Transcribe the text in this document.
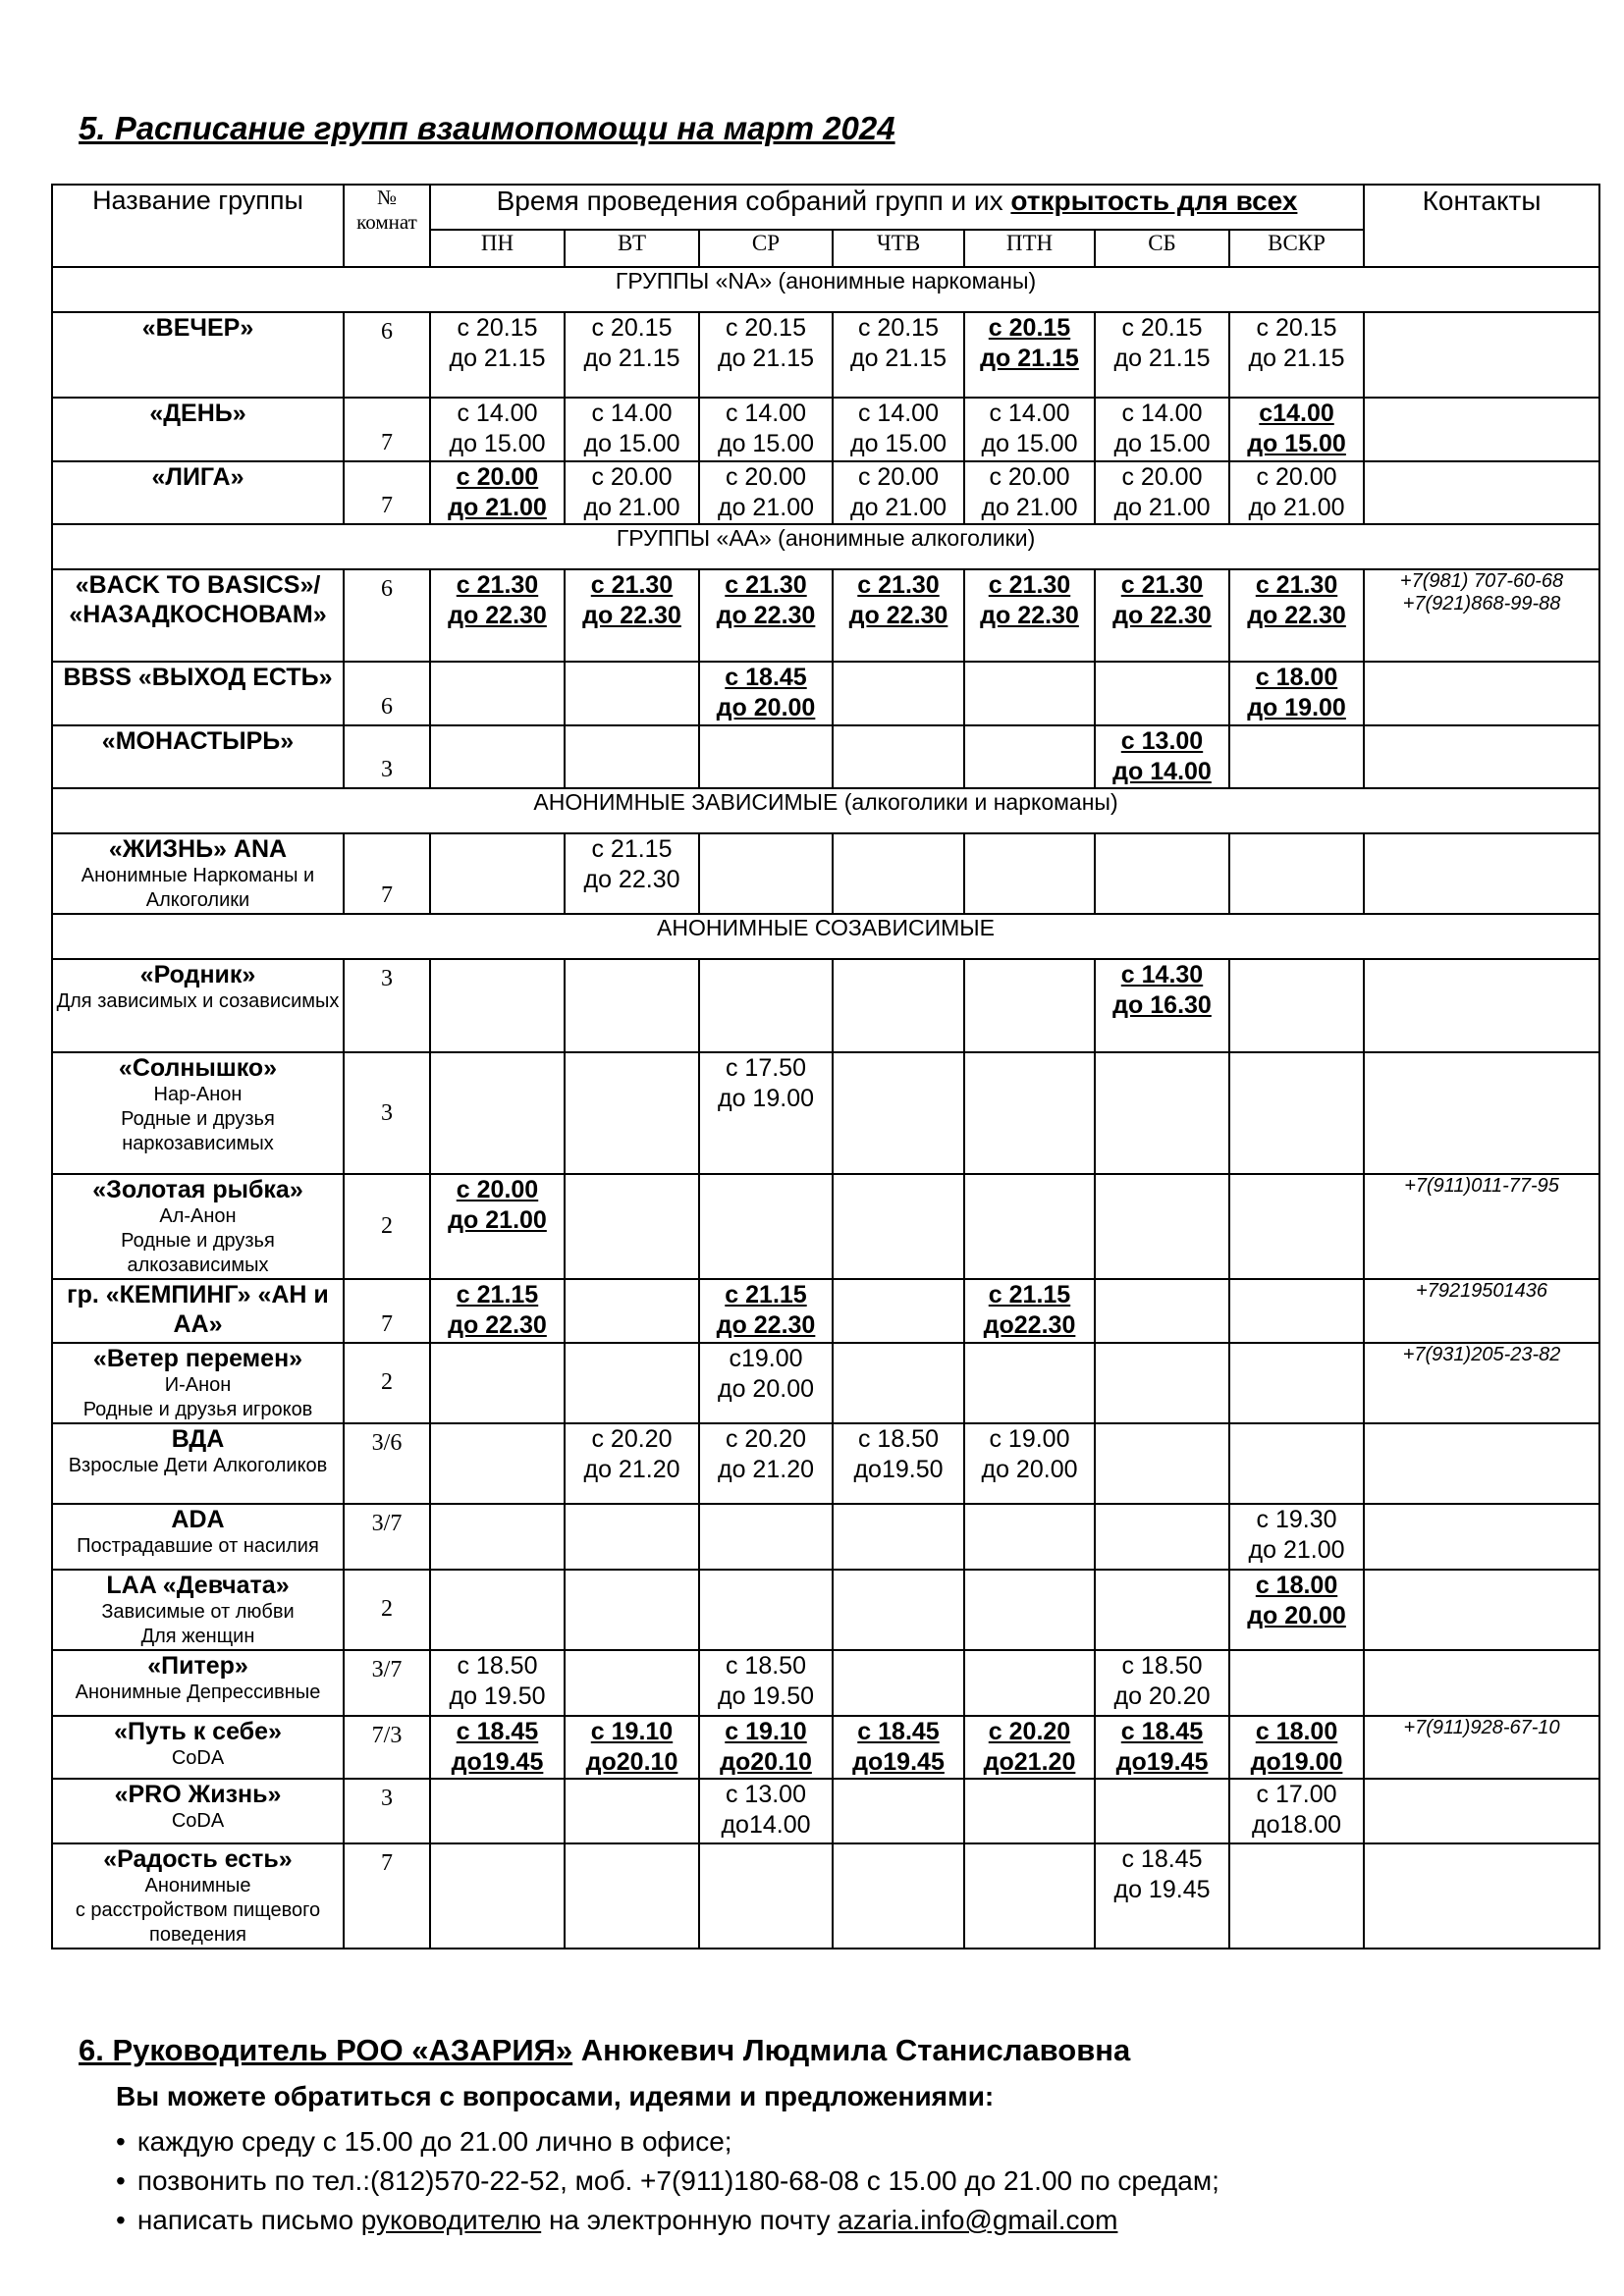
5. Расписание групп взаимопомощи на март 2024
Название группы	№ комнат	Время проведения собраний групп и их открытость для всех							Контакты
		ПН	ВТ	СР	ЧТВ	ПТН	СБ	ВСКР	
ГРУППЫ «NA» (анонимные наркоманы)									

«ВЕЧЕР»	6	с 20.15
до 21.15	с 20.15
до 21.15	с 20.15
до 21.15	с 20.15
до 21.15	с 20.15
до 21.15	с 20.15
до 21.15	с 20.15
до 21.15	

«ДЕНЬ»	7	с 14.00
до 15.00	с 14.00
до 15.00	с 14.00
до 15.00	с 14.00
до 15.00	с 14.00
до 15.00	с 14.00
до 15.00	с14.00
до 15.00	

«ЛИГА»	7	с 20.00
до 21.00	с 20.00
до 21.00	с 20.00
до 21.00	с 20.00
до 21.00	с 20.00
до 21.00	с 20.00
до 21.00	с 20.00
до 21.00	

ГРУППЫ «АА» (анонимные алкоголики)									

«BACK TO BASICS»/ «НАЗАДКОСНОВАМ»	6	с 21.30
до 22.30	с 21.30
до 22.30	с 21.30
до 22.30	с 21.30
до 22.30	с 21.30
до 22.30	с 21.30
до 22.30	с 21.30
до 22.30	+7(981) 707-60-68 +7(921)868-99-88

BBSS «ВЫХОД ЕСТЬ»	6			с 18.45
до 20.00				с 18.00
до 19.00	

«МОНАСТЫРЬ»	3						с 13.00
до 14.00		

АНОНИМНЫЕ ЗАВИСИМЫЕ (алкоголики и наркоманы)									

«ЖИЗНЬ» ANA
Анонимные Наркоманы и Алкоголики	7		с 21.15
до 22.30						

АНОНИМНЫЕ СОЗАВИСИМЫЕ									

«Родник»
Для зависимых и созависимых	3						с 14.30
до 16.30		

«Солнышко»
Нар-Анон
Родные и друзья наркозависимых	3			с 17.50
до 19.00					

«Золотая рыбка»
Ал-Анон
Родные и друзья алкозависимых	2	с 20.00
до 21.00							+7(911)011-77-95

гр. «КЕМПИНГ» «АН и АА»	7	с 21.15
до 22.30		с 21.15
до 22.30		с 21.15
до22.30			+79219501436

«Ветер перемен»
И-Анон
Родные и друзья игроков	2			с19.00
до 20.00					+7(931)205-23-82

ВДА
Взрослые Дети Алкоголиков	3/6		с 20.20
до 21.20	с 20.20
до 21.20	с 18.50
до19.50	с 19.00
до 20.00			

ADA
Пострадавшие от насилия	3/7							с 19.30
до 21.00	

LAA «Девчата»
Зависимые от любви
Для женщин	2							с 18.00
до 20.00	

«Питер»
Анонимные Депрессивные	3/7	с 18.50
до 19.50		с 18.50
до 19.50			с 18.50
до 20.20		

«Путь к себе»
CoDA	7/3	с 18.45
до19.45	с 19.10
до20.10	с 19.10
до20.10	с 18.45
до19.45	с 20.20
до21.20	с 18.45
до19.45	с 18.00
до19.00	+7(911)928-67-10

«PRO Жизнь»
CoDA	3			с 13.00
до14.00				с 17.00
до18.00	

«Радость есть»
Анонимные
с расстройством пищевого поведения	7						с 18.45
до 19.45		

6. Руководитель РОО «АЗАРИЯ» Анюкевич Людмила Станиславовна

Вы можете обратиться с вопросами, идеями и предложениями:

• каждую среду с 15.00 до 21.00 лично в офисе;
• позвонить по тел.:(812)570-22-52, моб. +7(911)180-68-08 с 15.00 до 21.00 по средам;
• написать письмо руководителю на электронную почту azaria.info@gmail.com
